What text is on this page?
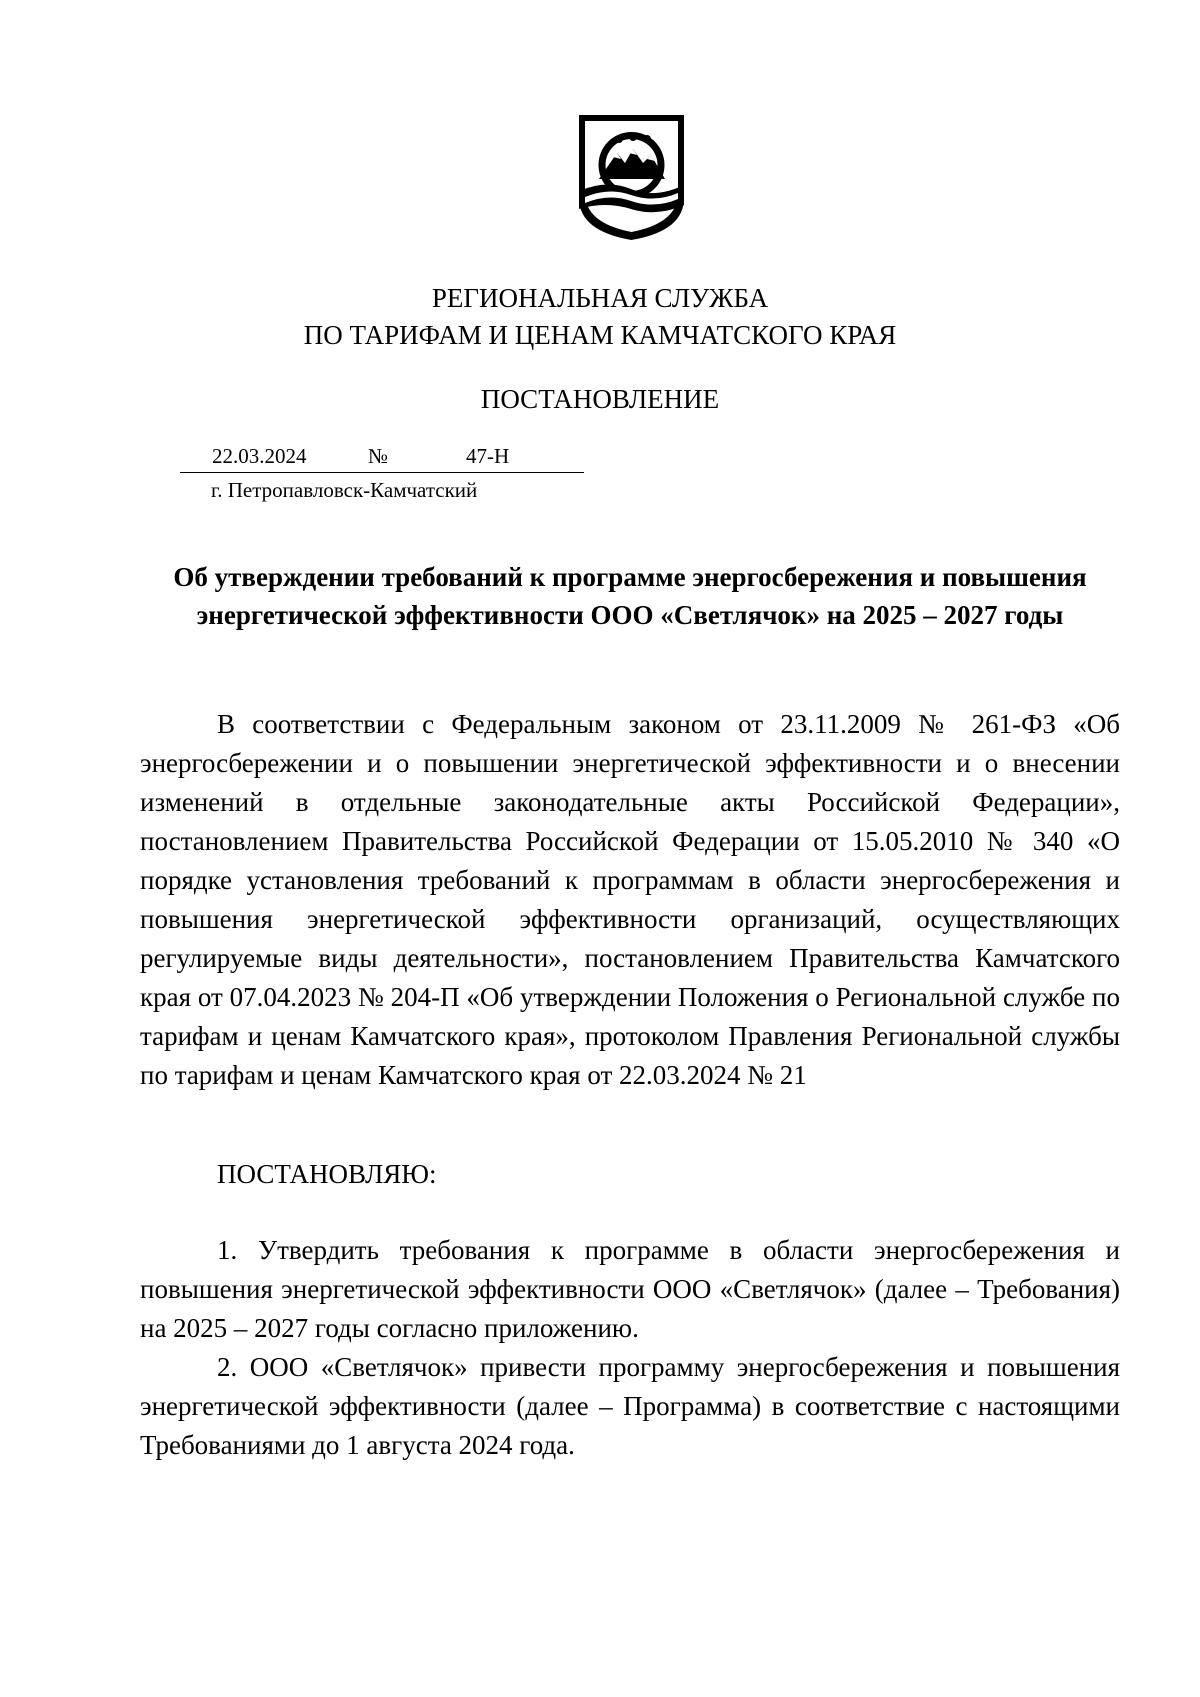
РЕГИОНАЛЬНАЯ СЛУЖБА
ПО ТАРИФАМ И ЦЕНАМ КАМЧАТСКОГО КРАЯ
ПОСТАНОВЛЕНИЕ
22.03.2024	№	47-Н
г. Петропавловск-Камчатский
Об утверждении требований к программе энергосбережения и повышения
энергетической эффективности ООО «Светлячок» на 2025 – 2027 годы

В соответствии с Федеральным законом от 23.11.2009 № 261-ФЗ «Об энергосбережении и о повышении энергетической эффективности и о внесении изменений в отдельные законодательные акты Российской Федерации», постановлением Правительства Российской Федерации от 15.05.2010 № 340 «О порядке установления требований к программам в области энергосбережения и повышения энергетической эффективности организаций, осуществляющих регулируемые виды деятельности», постановлением Правительства Камчатского края от 07.04.2023 № 204-П «Об утверждении Положения о Региональной службе по тарифам и ценам Камчатского края», протоколом Правления Региональной службы по тарифам и ценам Камчатского края от 22.03.2024 № 21

ПОСТАНОВЛЯЮ:

1. Утвердить требования к программе в области энергосбережения и повышения энергетической эффективности ООО «Светлячок» (далее – Требования) на 2025 – 2027 годы согласно приложению.

2. ООО «Светлячок» привести программу энергосбережения и повышения энергетической эффективности (далее – Программа) в соответствие с настоящими Требованиями до 1 августа 2024 года.
